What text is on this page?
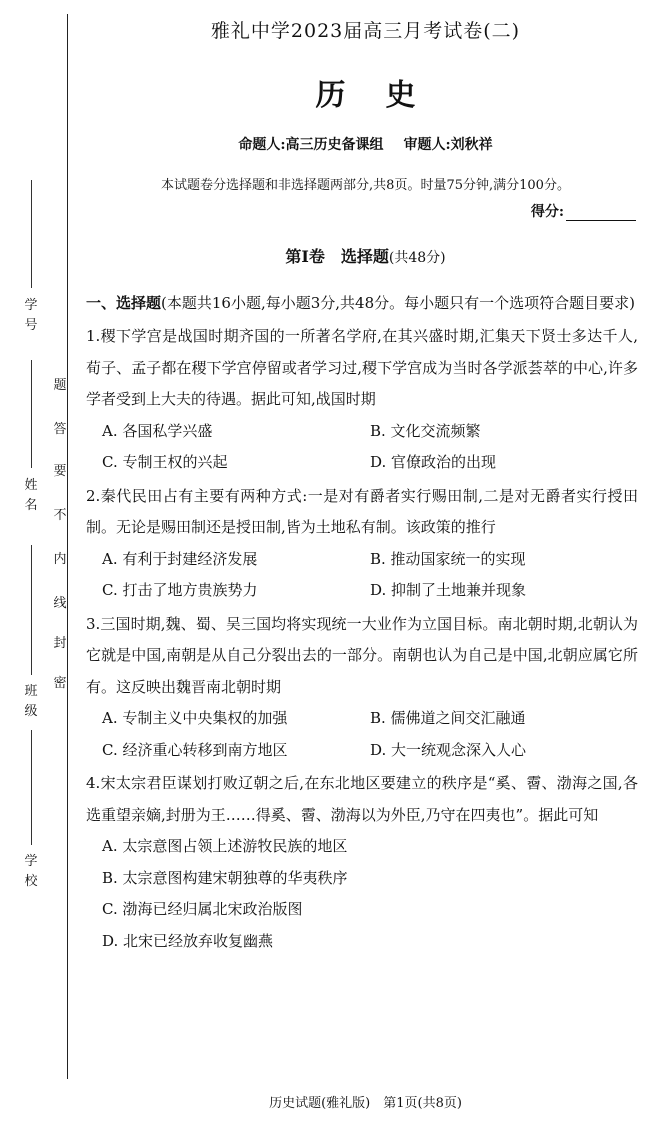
学号
姓名
班级
学校
密
封
线
内
不
要
答
题
雅礼中学2023届高三月考试卷(二)
历史
命题人:高三历史备课组 审题人:刘秋祥
本试题卷分选择题和非选择题两部分,共8页。时量75分钟,满分100分。
得分:
第Ⅰ卷　选择题(共48分)
一、选择题(本题共16小题,每小题3分,共48分。每小题只有一个选项符合题目要求)
1.稷下学宫是战国时期齐国的一所著名学府,在其兴盛时期,汇集天下贤士多达千人,荀子、孟子都在稷下学宫停留或者学习过,稷下学宫成为当时各学派荟萃的中心,许多学者受到上大夫的待遇。据此可知,战国时期
A. 各国私学兴盛	B. 文化交流频繁
C. 专制王权的兴起	D. 官僚政治的出现
2.秦代民田占有主要有两种方式:一是对有爵者实行赐田制,二是对无爵者实行授田制。无论是赐田制还是授田制,皆为土地私有制。该政策的推行
A. 有利于封建经济发展	B. 推动国家统一的实现
C. 打击了地方贵族势力	D. 抑制了土地兼并现象
3.三国时期,魏、蜀、吴三国均将实现统一大业作为立国目标。南北朝时期,北朝认为它就是中国,南朝是从自己分裂出去的一部分。南朝也认为自己是中国,北朝应属它所有。这反映出魏晋南北朝时期
A. 专制主义中央集权的加强	B. 儒佛道之间交汇融通
C. 经济重心转移到南方地区	D. 大一统观念深入人心
4.宋太宗君臣谋划打败辽朝之后,在东北地区要建立的秩序是“奚、霫、渤海之国,各选重望亲嫡,封册为王……得奚、霫、渤海以为外臣,乃守在四夷也”。据此可知
A. 太宗意图占领上述游牧民族的地区
B. 太宗意图构建宋朝独尊的华夷秩序
C. 渤海已经归属北宋政治版图
D. 北宋已经放弃收复幽燕
历史试题(雅礼版)　第1页(共8页)
